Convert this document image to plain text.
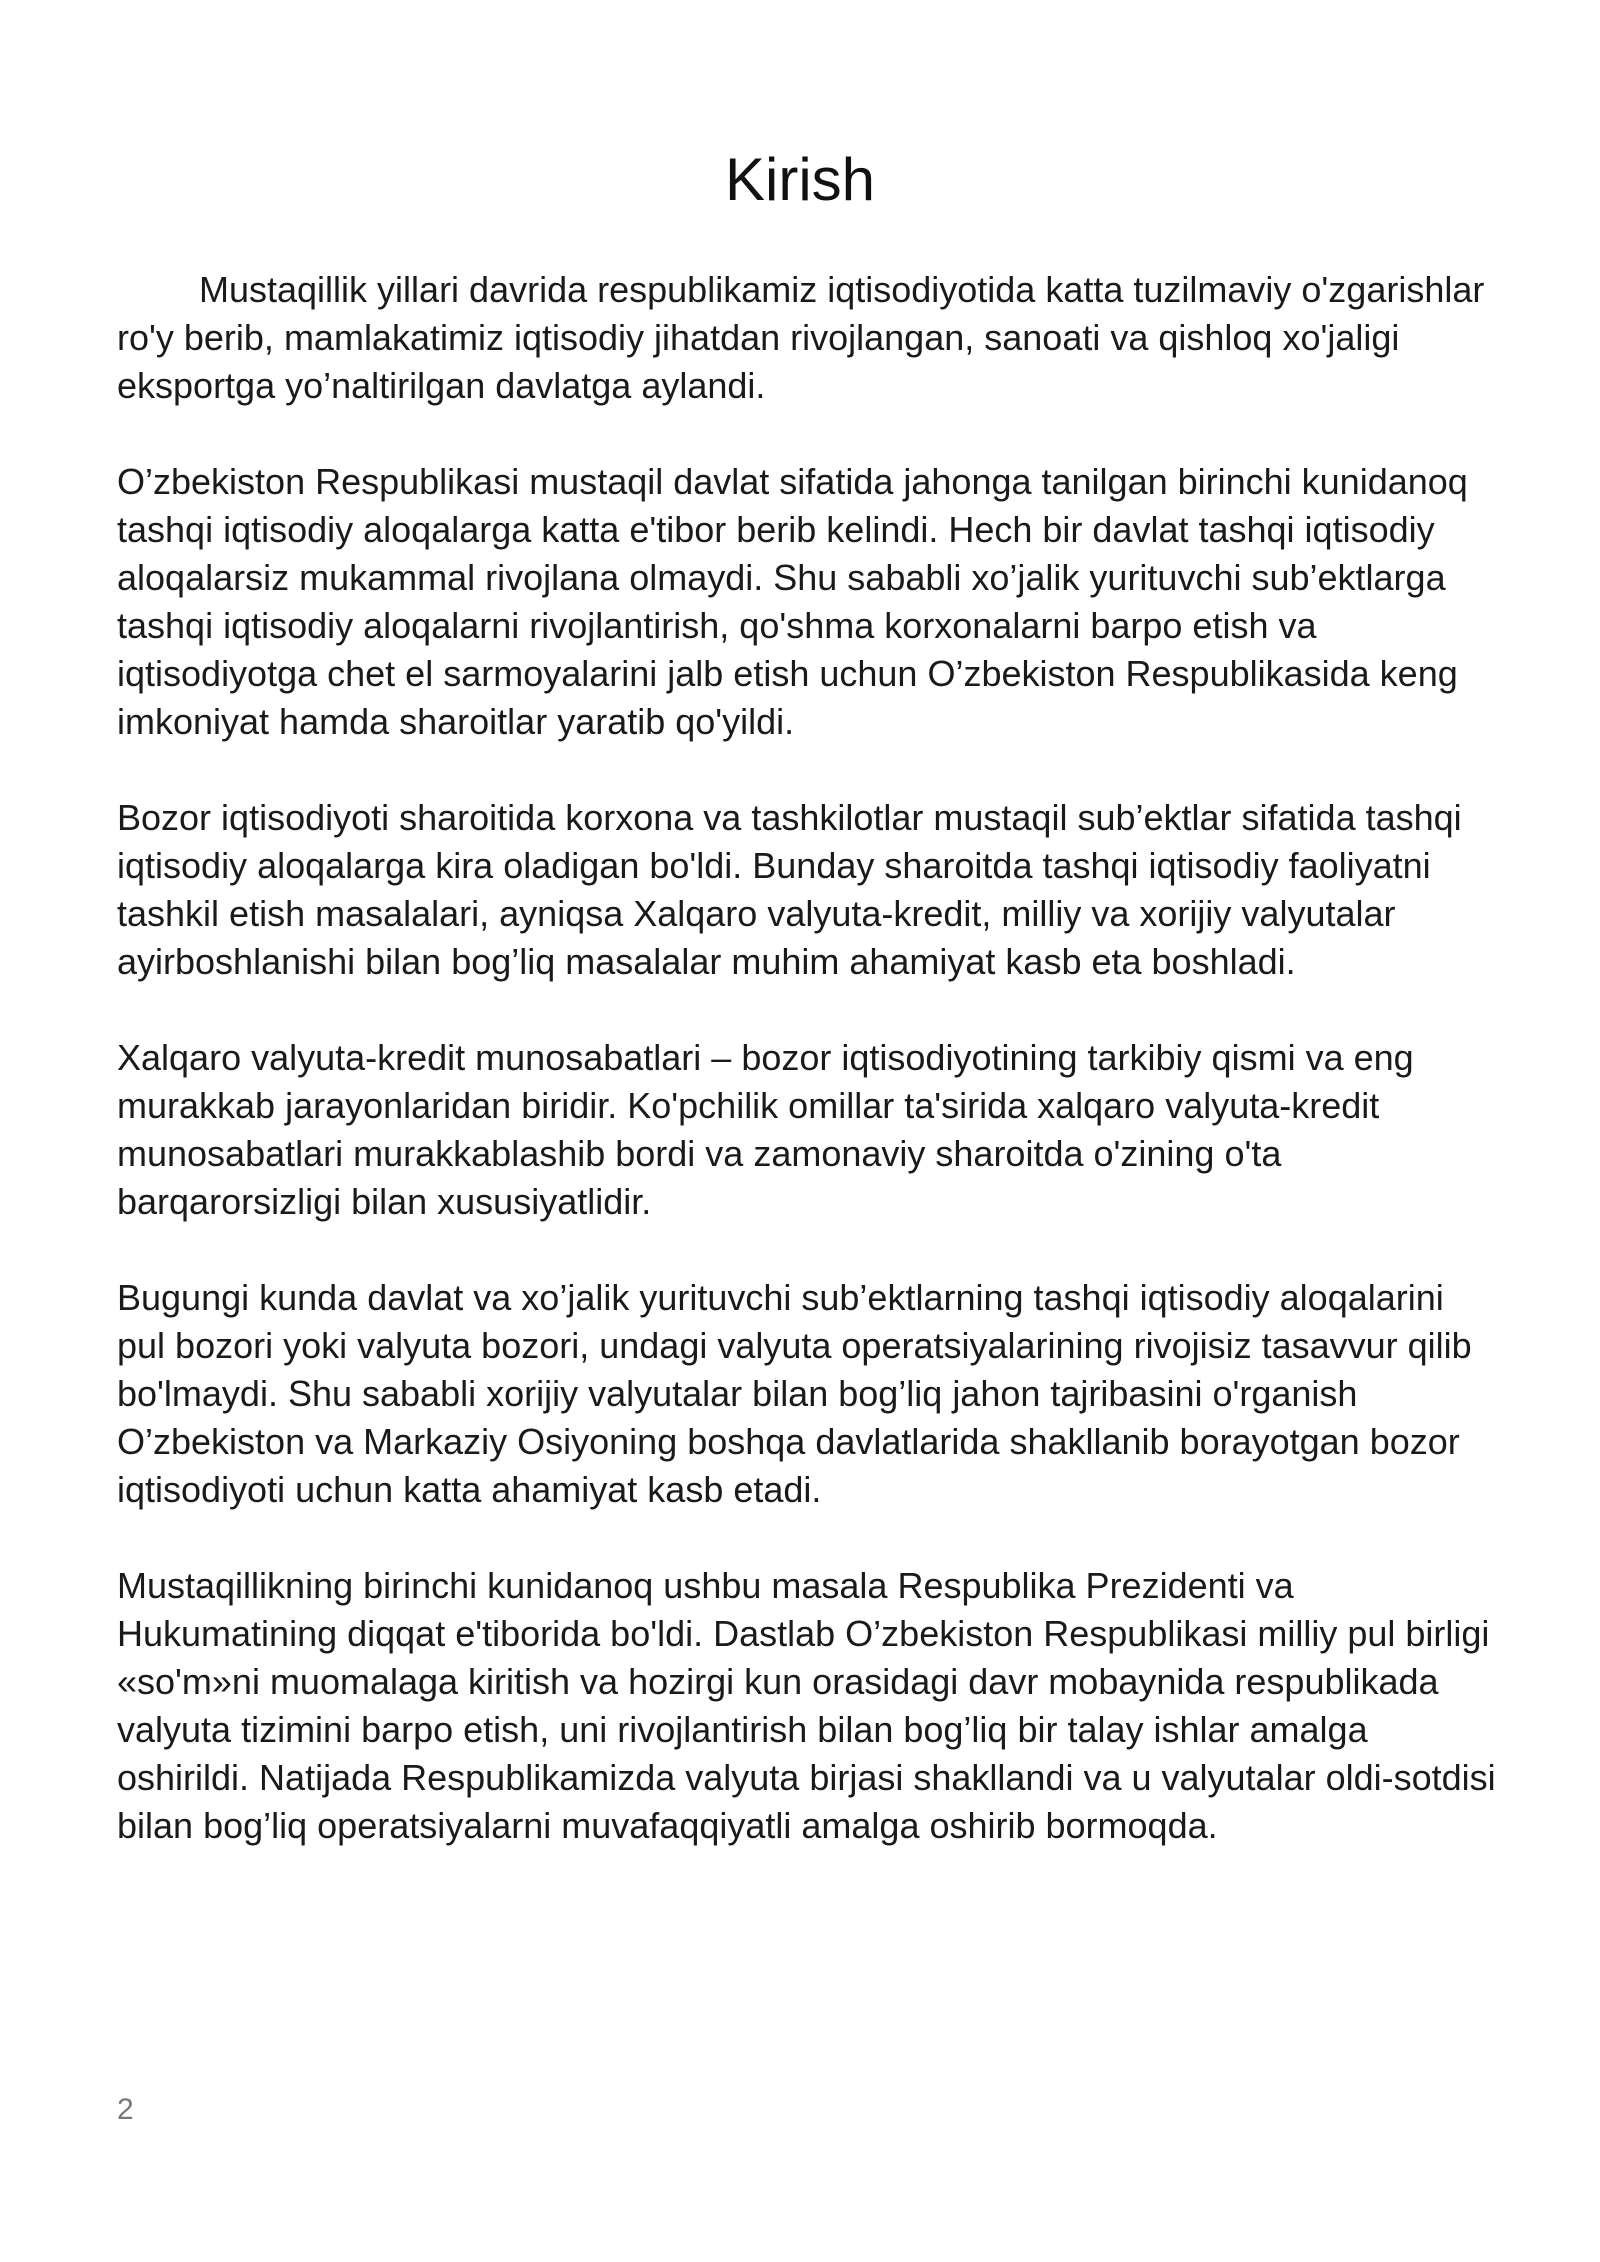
Kirish

Mustaqillik yillari davrida respublikamiz iqtisodiyotida katta tuzilmaviy o'zgarishlar ro'y berib, mamlakatimiz iqtisodiy jihatdan rivojlangan, sanoati va qishloq xo'jaligi eksportga yo’naltirilgan davlatga aylandi.

O’zbekiston Respublikasi mustaqil davlat sifatida jahonga tanilgan birinchi kunidanoq tashqi iqtisodiy aloqalarga katta e'tibor berib kelindi. Hech bir davlat tashqi iqtisodiy aloqalarsiz mukammal rivojlana olmaydi. Shu sababli xo’jalik yurituvchi sub’ektlarga tashqi iqtisodiy aloqalarni rivojlantirish, qo'shma korxonalarni barpo etish va iqtisodiyotga chet el sarmoyalarini jalb etish uchun O’zbekiston Respublikasida keng imkoniyat hamda sharoitlar yaratib qo'yildi.

Bozor iqtisodiyoti sharoitida korxona va tashkilotlar mustaqil sub’ektlar sifatida tashqi iqtisodiy aloqalarga kira oladigan bo'ldi. Bunday sharoitda tashqi iqtisodiy faoliyatni tashkil etish masalalari, ayniqsa Xalqaro valyuta-kredit, milliy va xorijiy valyutalar ayirboshlanishi bilan bog’liq masalalar muhim ahamiyat kasb eta boshladi.

Xalqaro valyuta-kredit munosabatlari – bozor iqtisodiyotining tarkibiy qismi va eng murakkab jarayonlaridan biridir. Ko'pchilik omillar ta'sirida xalqaro valyuta-kredit munosabatlari murakkablashib bordi va zamonaviy sharoitda o'zining o'ta barqarorsizligi bilan xususiyatlidir.

Bugungi kunda davlat va xo’jalik yurituvchi sub’ektlarning tashqi iqtisodiy aloqalarini pul bozori yoki valyuta bozori, undagi valyuta operatsiyalarining rivojisiz tasavvur qilib bo'lmaydi. Shu sababli xorijiy valyutalar bilan bog’liq jahon tajribasini o'rganish O’zbekiston va Markaziy Osiyoning boshqa davlatlarida shakllanib borayotgan bozor iqtisodiyoti uchun katta ahamiyat kasb etadi.

Mustaqillikning birinchi kunidanoq ushbu masala Respublika Prezidenti va Hukumatining diqqat e'tiborida bo'ldi. Dastlab O’zbekiston Respublikasi milliy pul birligi «so'm»ni muomalaga kiritish va hozirgi kun orasidagi davr mobaynida respublikada valyuta tizimini barpo etish, uni rivojlantirish bilan bog’liq bir talay ishlar amalga oshirildi. Natijada Respublikamizda valyuta birjasi shakllandi va u valyutalar oldi-sotdisi bilan bog’liq operatsiyalarni muvafaqqiyatli amalga oshirib bormoqda.

2
